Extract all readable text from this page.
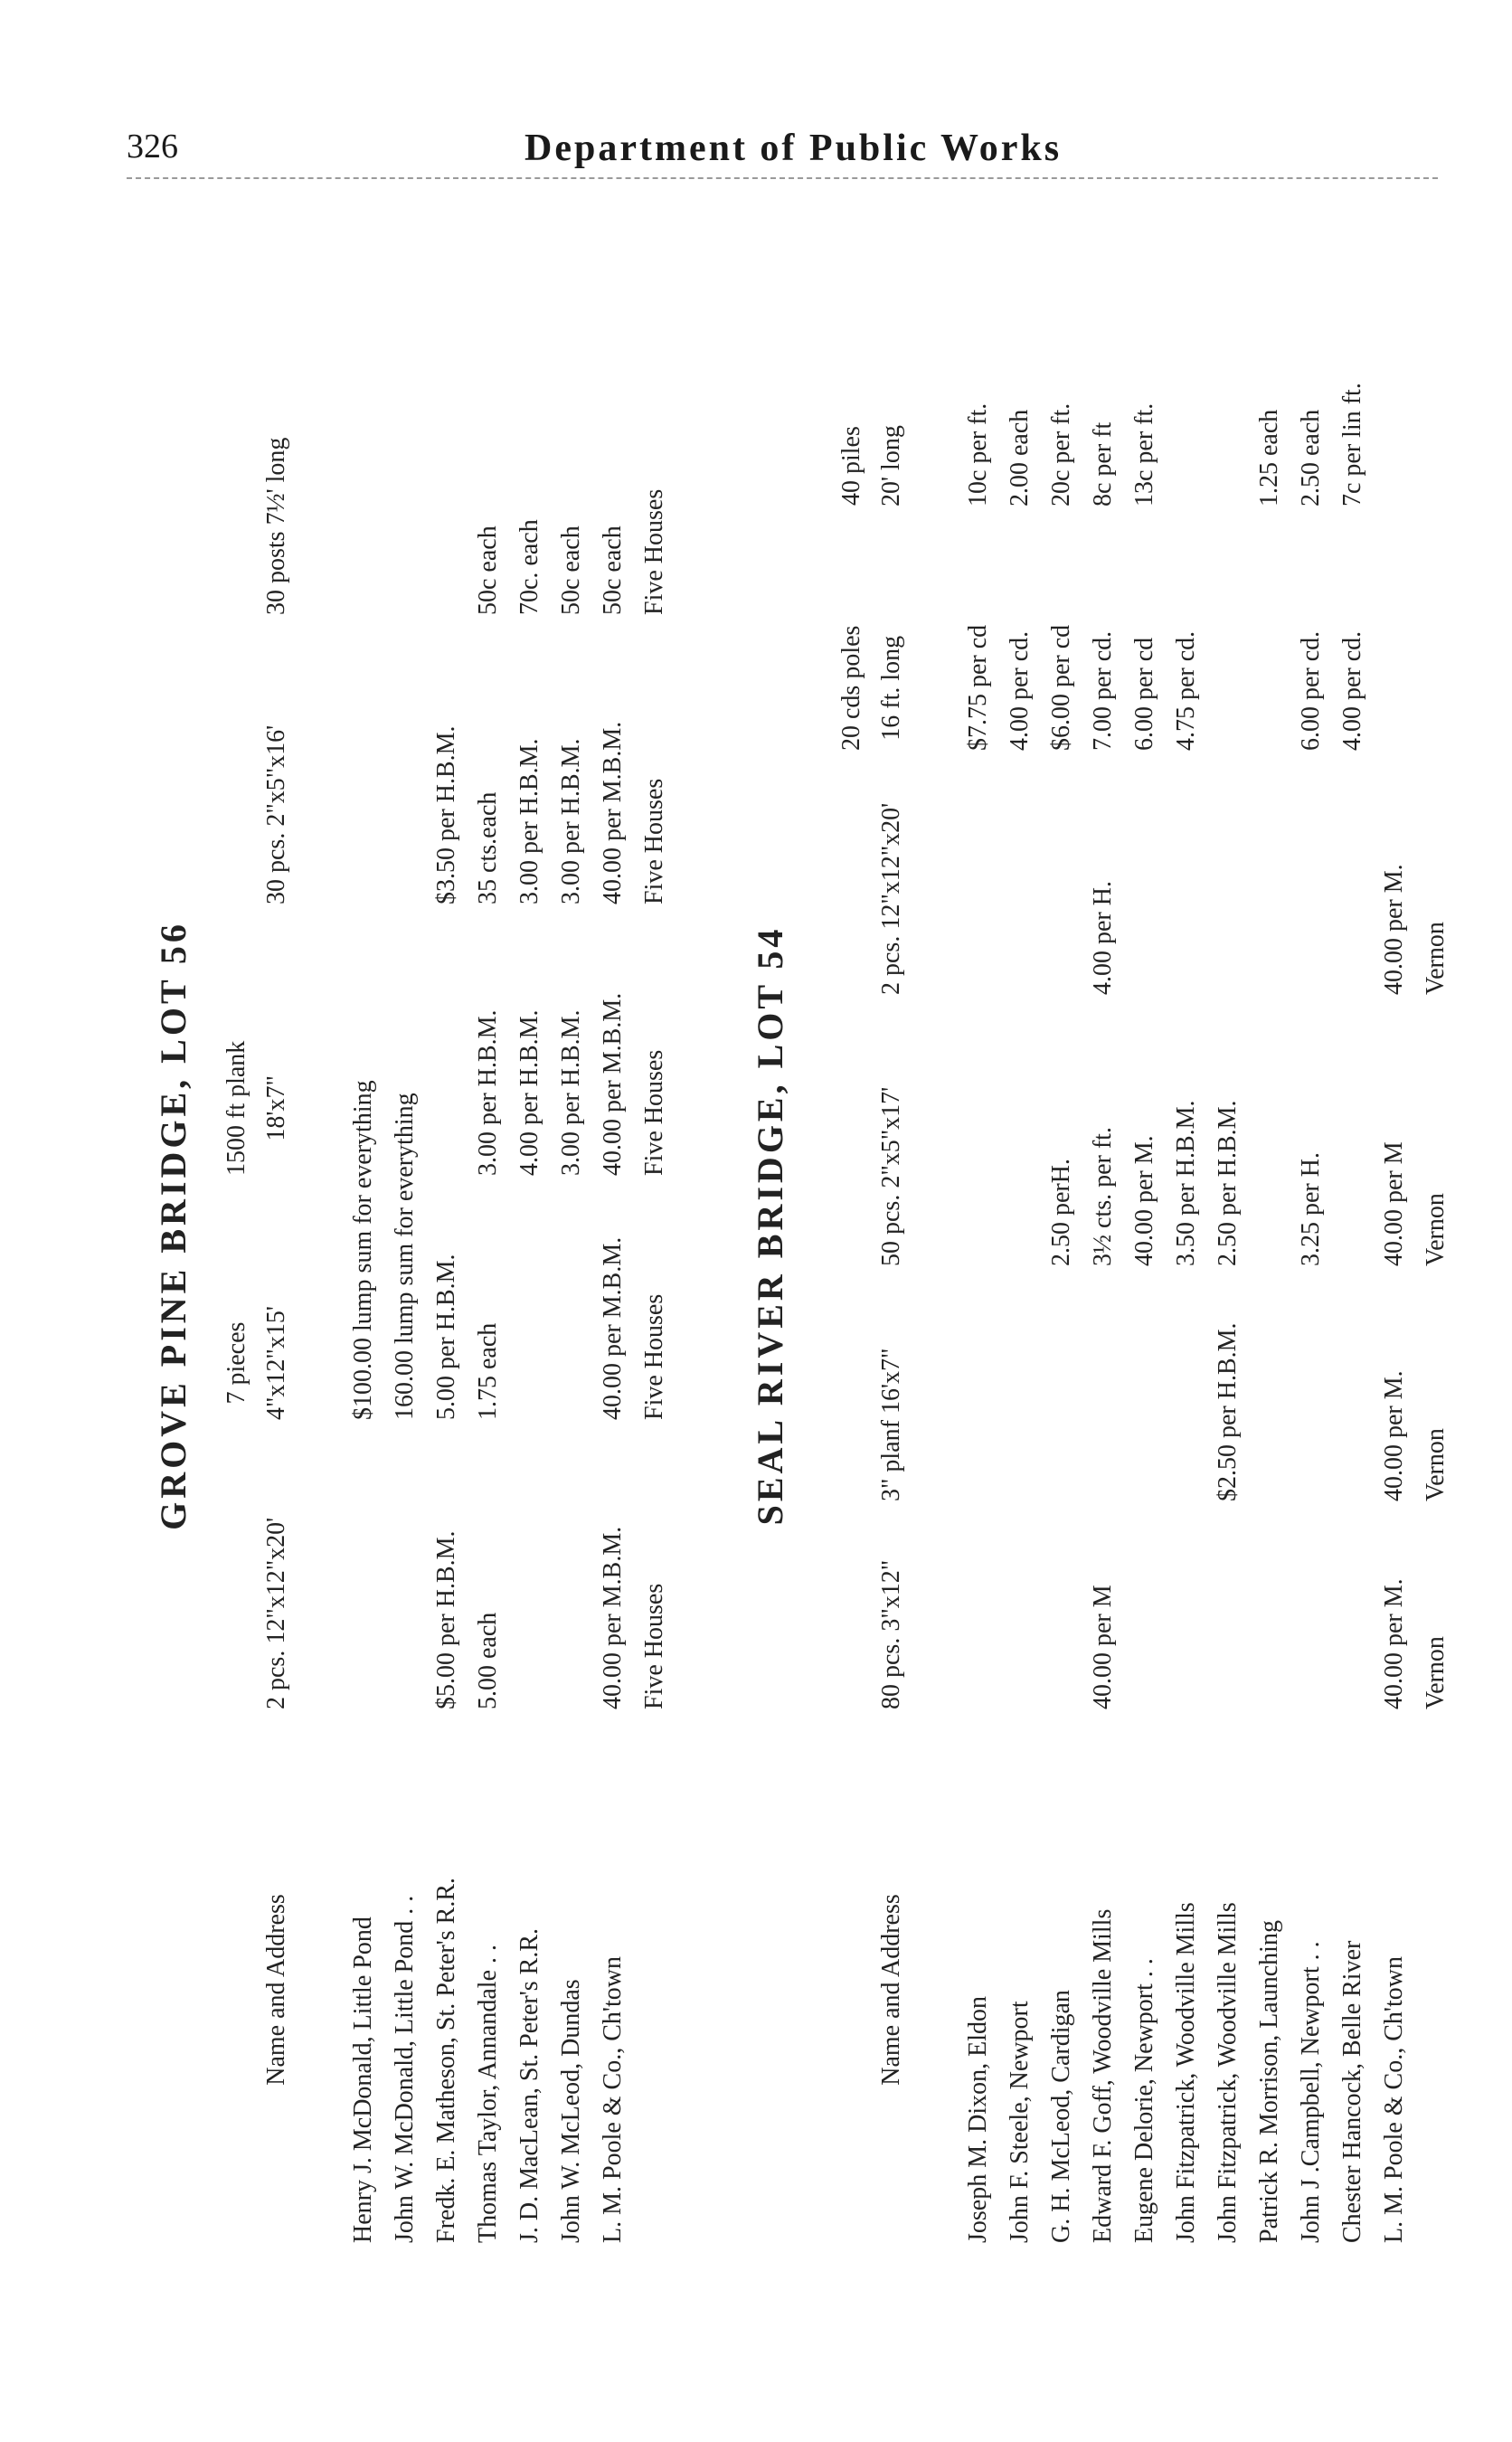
326	Department of Public Works
GROVE PINE BRIDGE, LOT 56
Name and Address
2 pcs. 12"x12"x20'
7 pieces 4"x12"x15'
1500 ft plank 18'x7"
30 pcs. 2"x5"x16'
30 posts 7½' long
Henry J. McDonald, Little Pond
$100.00 lump sum for everything
John W. McDonald, Little Pond . .
160.00 lump sum for everything
Fredk. E. Matheson, St. Peter's R.R.
$5.00 per H.B.M.
5.00 per H.B.M.
$3.50 per H.B.M.
Thomas Taylor, Annandale . .
5.00 each
1.75 each
3.00 per H.B.M.
35 cts.each
50c each
J. D. MacLean, St. Peter's R.R.
4.00 per H.B.M.
3.00 per H.B.M.
70c. each
John W. McLeod, Dundas
3.00 per H.B.M.
3.00 per H.B.M.
50c each
L. M. Poole & Co., Ch'town
40.00 per M.B.M.
40.00 per M.B.M.
40.00 per M.B.M.
40.00 per M.B.M.
50c each
Five Houses
Five Houses
Five Houses
Five Houses
Five Houses
SEAL RIVER BRIDGE, LOT 54
Name and Address
80 pcs. 3"x12"
3" planf 16'x7"
50 pcs. 2"x5"x17'
2 pcs. 12"x12"x20'
20 cds poles 16 ft. long
40 piles 20' long
Joseph M. Dixon, Eldon
$7.75 per cd
10c per ft.
John F. Steele, Newport
4.00 per cd.
2.00 each
G. H. McLeod, Cardigan
2.50 perH.
$6.00 per cd
20c per ft.
Edward F. Goff, Woodville Mills
40.00 per M
3½ cts. per ft.
4.00 per H.
7.00 per cd.
8c per ft
Eugene Delorie, Newport . .
40.00 per M.
6.00 per cd
13c per ft.
John Fitzpatrick, Woodville Mills
3.50 per H.B.M.
4.75 per cd.
John Fitzpatrick, Woodville Mills
$2.50 per H.B.M.
2.50 per H.B.M.
Patrick R. Morrison, Launching
1.25 each
John J .Campbell, Newport . .
3.25 per H.
6.00 per cd.
2.50 each
Chester Hancock, Belle River
4.00 per cd.
7c per lin ft.
L. M. Poole & Co., Ch'town
40.00 per M.
40.00 per M.
40.00 per M
40.00 per M.
Vernon
Vernon
Vernon
Vernon
